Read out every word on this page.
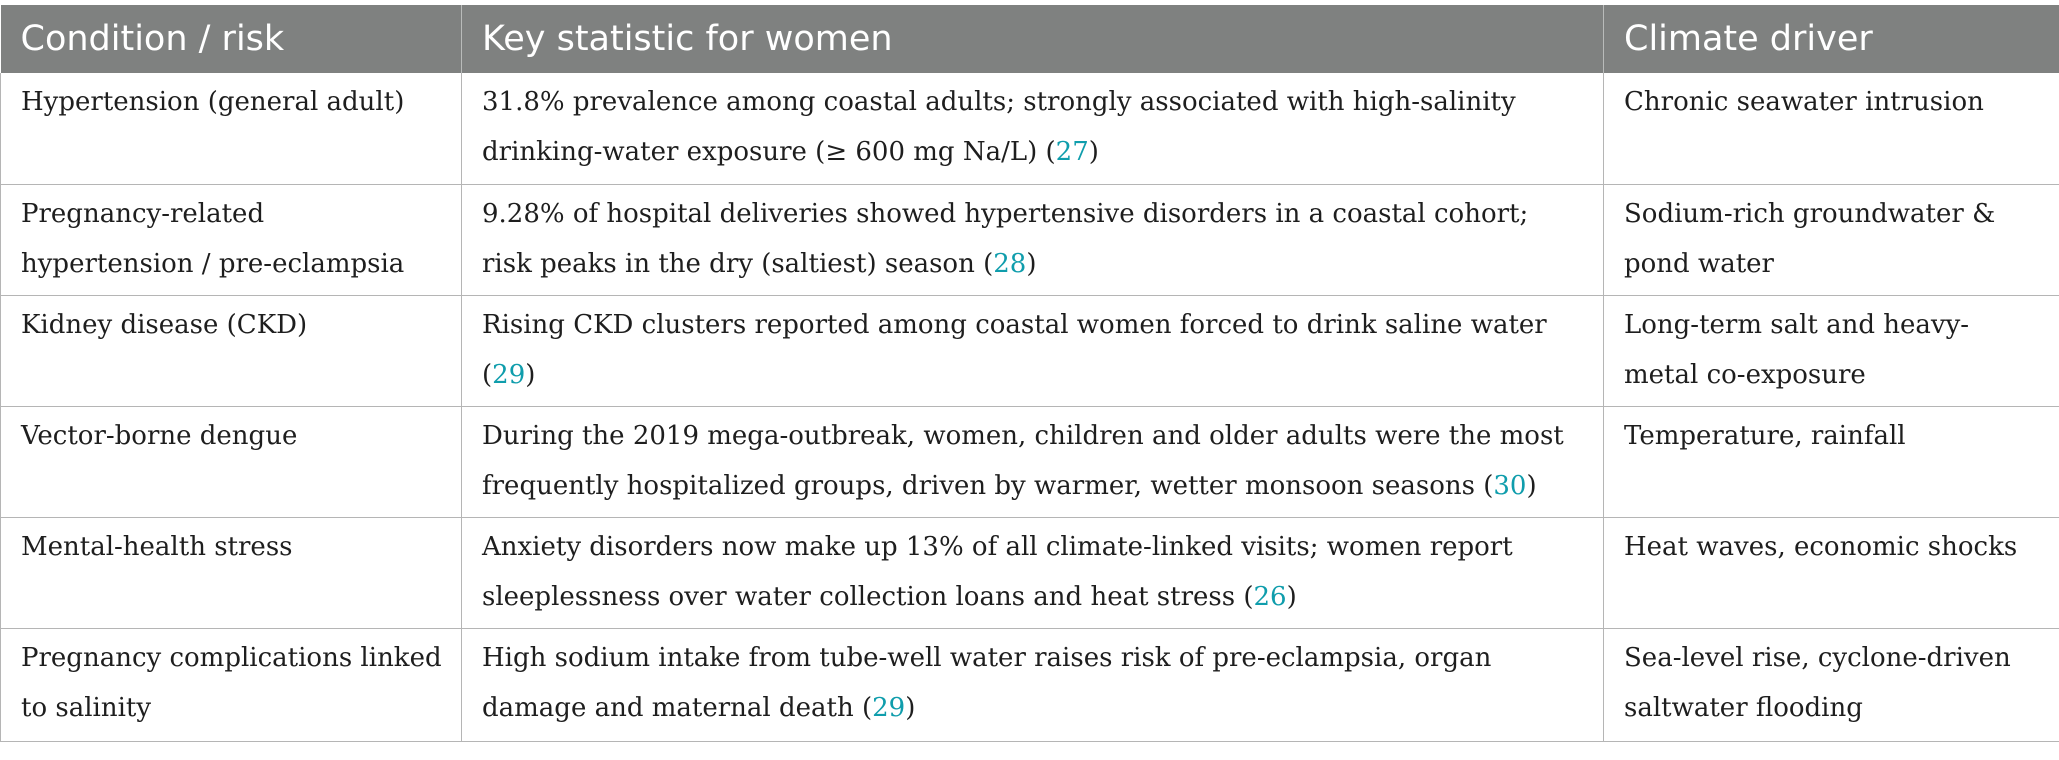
Condition / risk	Key statistic for women	Climate driver
Hypertension (general adult)	31.8% prevalence among coastal adults; strongly associated with high-salinity drinking-water exposure (≥ 600 mg Na/L) (27)	Chronic seawater intrusion
Pregnancy-related hypertension / pre-eclampsia	9.28% of hospital deliveries showed hypertensive disorders in a coastal cohort; risk peaks in the dry (saltiest) season (28)	Sodium-rich groundwater & pond water
Kidney disease (CKD)	Rising CKD clusters reported among coastal women forced to drink saline water (29)	Long-term salt and heavy-metal co-exposure
Vector-borne dengue	During the 2019 mega-outbreak, women, children and older adults were the most frequently hospitalized groups, driven by warmer, wetter monsoon seasons (30)	Temperature, rainfall
Mental-health stress	Anxiety disorders now make up 13% of all climate-linked visits; women report sleeplessness over water collection loans and heat stress (26)	Heat waves, economic shocks
Pregnancy complications linked to salinity	High sodium intake from tube-well water raises risk of pre-eclampsia, organ damage and maternal death (29)	Sea-level rise, cyclone-driven saltwater flooding
